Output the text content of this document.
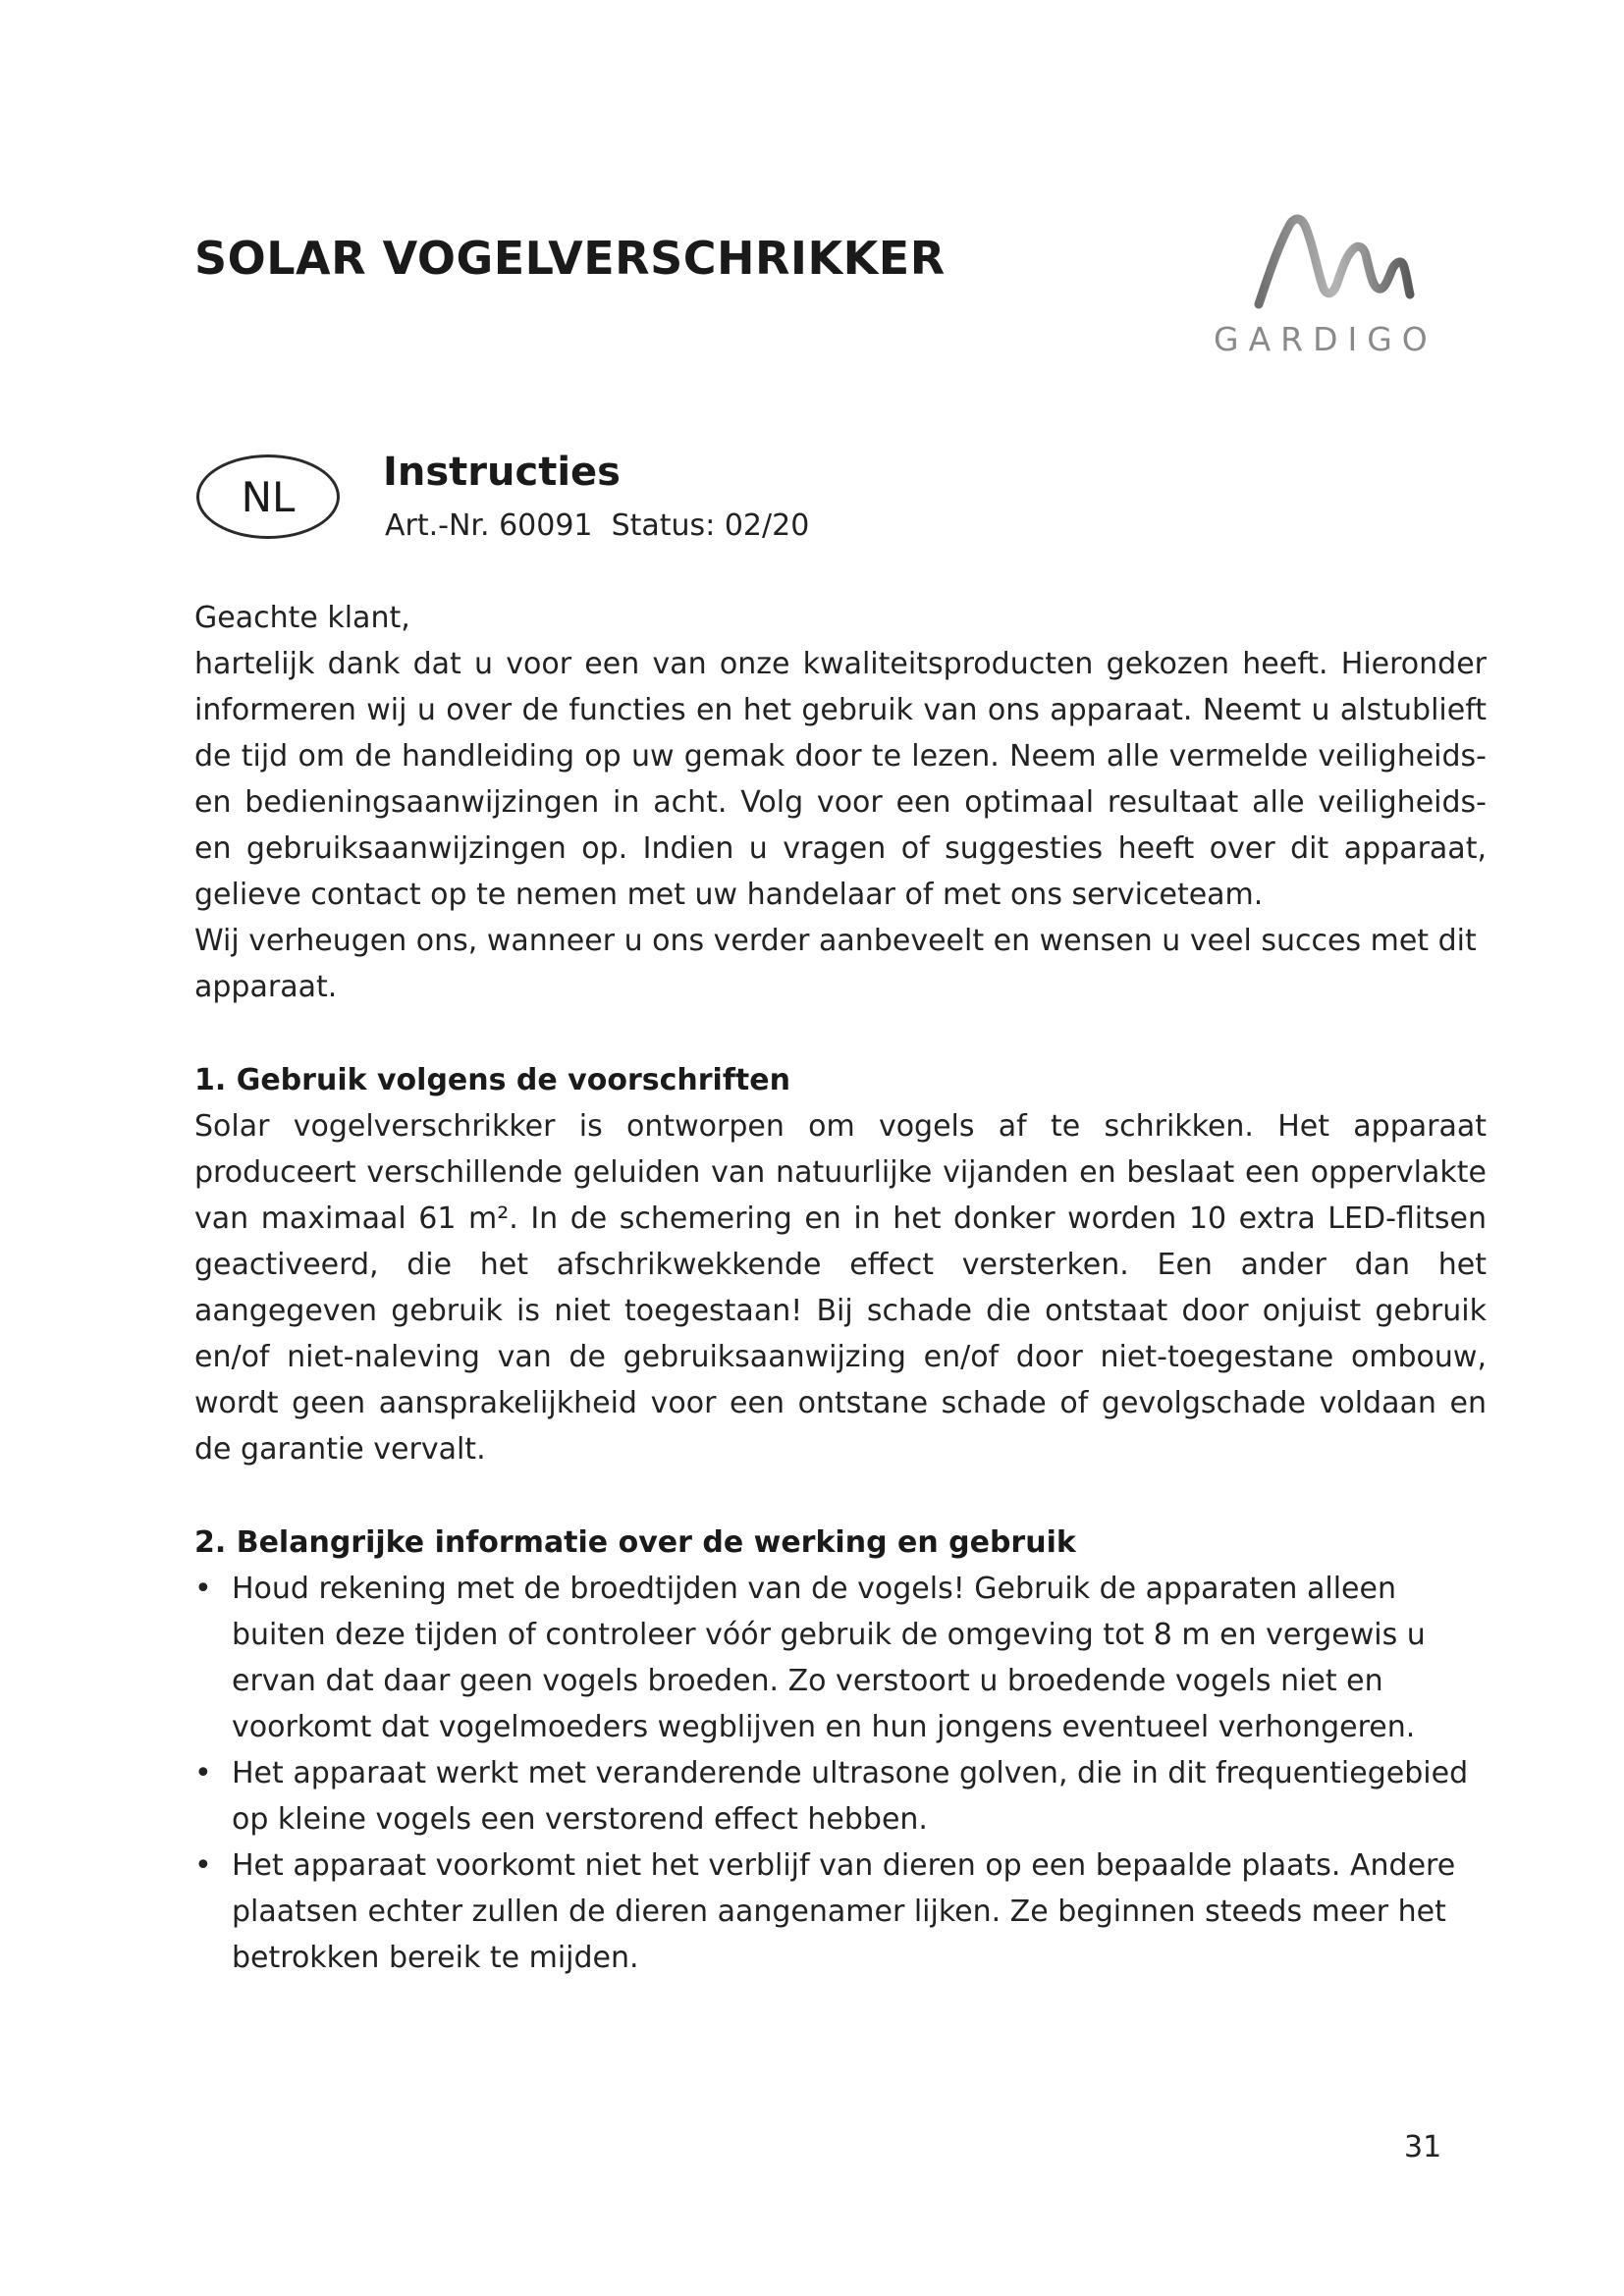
SOLAR VOGELVERSCHRIKKER
GARDIGO
NL
Instructies
Art.-Nr. 60091 Status: 02/20

Geachte klant,

hartelijk dank dat u voor een van onze kwaliteitsproducten gekozen heeft. Hieronder informeren wij u over de functies en het gebruik van ons apparaat. Neemt u alstublieft de tijd om de handleiding op uw gemak door te lezen. Neem alle vermelde veiligheids- en bedieningsaanwijzingen in acht. Volg voor een optimaal resultaat alle veiligheids- en gebruiksaanwijzingen op. Indien u vragen of suggesties heeft over dit apparaat, gelieve contact op te nemen met uw handelaar of met ons serviceteam.

Wij verheugen ons, wanneer u ons verder aanbeveelt en wensen u veel succes met dit apparaat.

1. Gebruik volgens de voorschriften

Solar vogelverschrikker is ontworpen om vogels af te schrikken. Het apparaat produceert verschillende geluiden van natuurlijke vijanden en beslaat een oppervlakte van maximaal 61 m². In de schemering en in het donker worden 10 extra LED-flitsen geactiveerd, die het afschrikwekkende effect versterken. Een ander dan het aangegeven gebruik is niet toegestaan! Bij schade die ontstaat door onjuist gebruik en/of niet-naleving van de gebruiksaanwijzing en/of door niet-toegestane ombouw, wordt geen aansprakelijkheid voor een ontstane schade of gevolgschade voldaan en de garantie vervalt.

2. Belangrijke informatie over de werking en gebruik
• Houd rekening met de broedtijden van de vogels! Gebruik de apparaten alleen buiten deze tijden of controleer vóór gebruik de omgeving tot 8 m en vergewis u ervan dat daar geen vogels broeden. Zo verstoort u broedende vogels niet en voorkomt dat vogelmoeders wegblijven en hun jongens eventueel verhongeren.
• Het apparaat werkt met veranderende ultrasone golven, die in dit frequentiegebied op kleine vogels een verstorend effect hebben.
• Het apparaat voorkomt niet het verblijf van dieren op een bepaalde plaats. Andere plaatsen echter zullen de dieren aangenamer lijken. Ze beginnen steeds meer het betrokken bereik te mijden.
31
